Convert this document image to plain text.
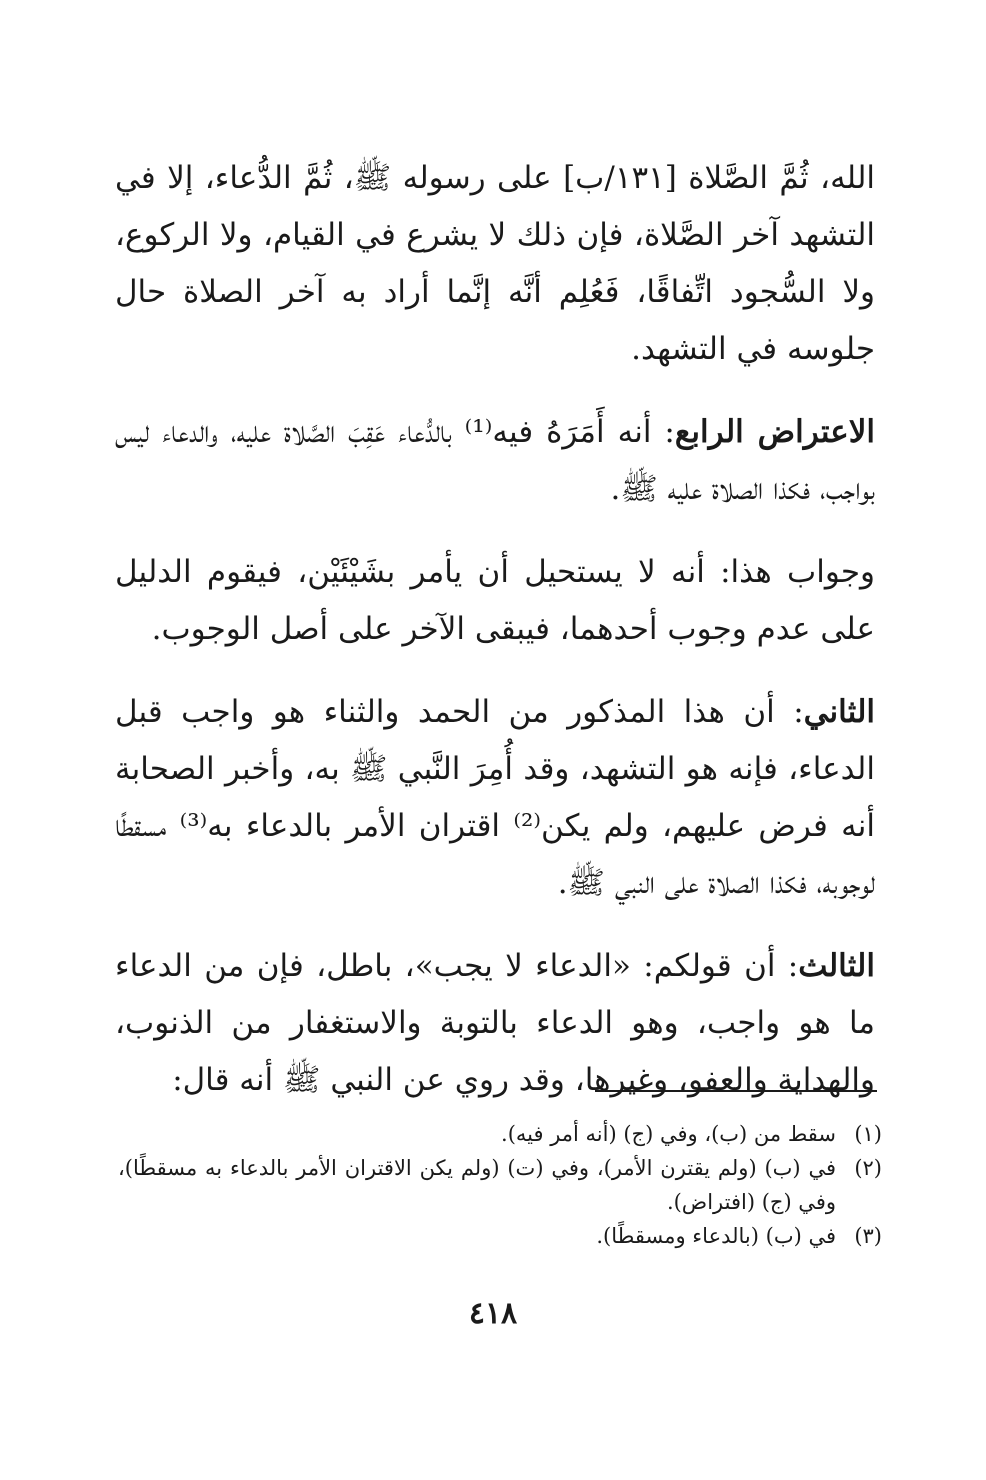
الله، ثُمَّ الصَّلاة [١٣١/ب] على رسوله ﷺ، ثُمَّ الدُّعاء، إلا في التشهد آخر الصَّلاة، فإن ذلك لا يشرع في القيام، ولا الركوع، ولا السُّجود اتِّفاقًا، فَعُلِم أنَّه إنَّما أراد به آخر الصلاة حال جلوسه في التشهد.

الاعتراض الرابع: أنه أَمَرَهُ فيه⁽¹⁾ بالدُّعاء عَقِبَ الصَّلاة عليه، والدعاء ليس بواجب، فكذا الصلاة عليه ﷺ.

وجواب هذا: أنه لا يستحيل أن يأمر بشَيْئَيْن، فيقوم الدليل على عدم وجوب أحدهما، فيبقى الآخر على أصل الوجوب.

الثاني: أن هذا المذكور من الحمد والثناء هو واجب قبل الدعاء، فإنه هو التشهد، وقد أُمِرَ النَّبي ﷺ به، وأخبر الصحابة أنه فرض عليهم، ولم يكن⁽²⁾ اقتران الأمر بالدعاء به⁽³⁾ مسقطًا لوجوبه، فكذا الصلاة على النبي ﷺ.

الثالث: أن قولكم: «الدعاء لا يجب»، باطل، فإن من الدعاء ما هو واجب، وهو الدعاء بالتوبة والاستغفار من الذنوب، والهداية والعفو، وغيرها، وقد روي عن النبي ﷺ أنه قال:

(١)
سقط من (ب)، وفي (ج) (أنه أمر فيه).
(٢)
في (ب) (ولم يقترن الأمر)، وفي (ت) (ولم يكن الاقتران الأمر بالدعاء به مسقطًا)، وفي (ج) (افتراض).
(٣)
في (ب) (بالدعاء ومسقطًا).
٤١٨
